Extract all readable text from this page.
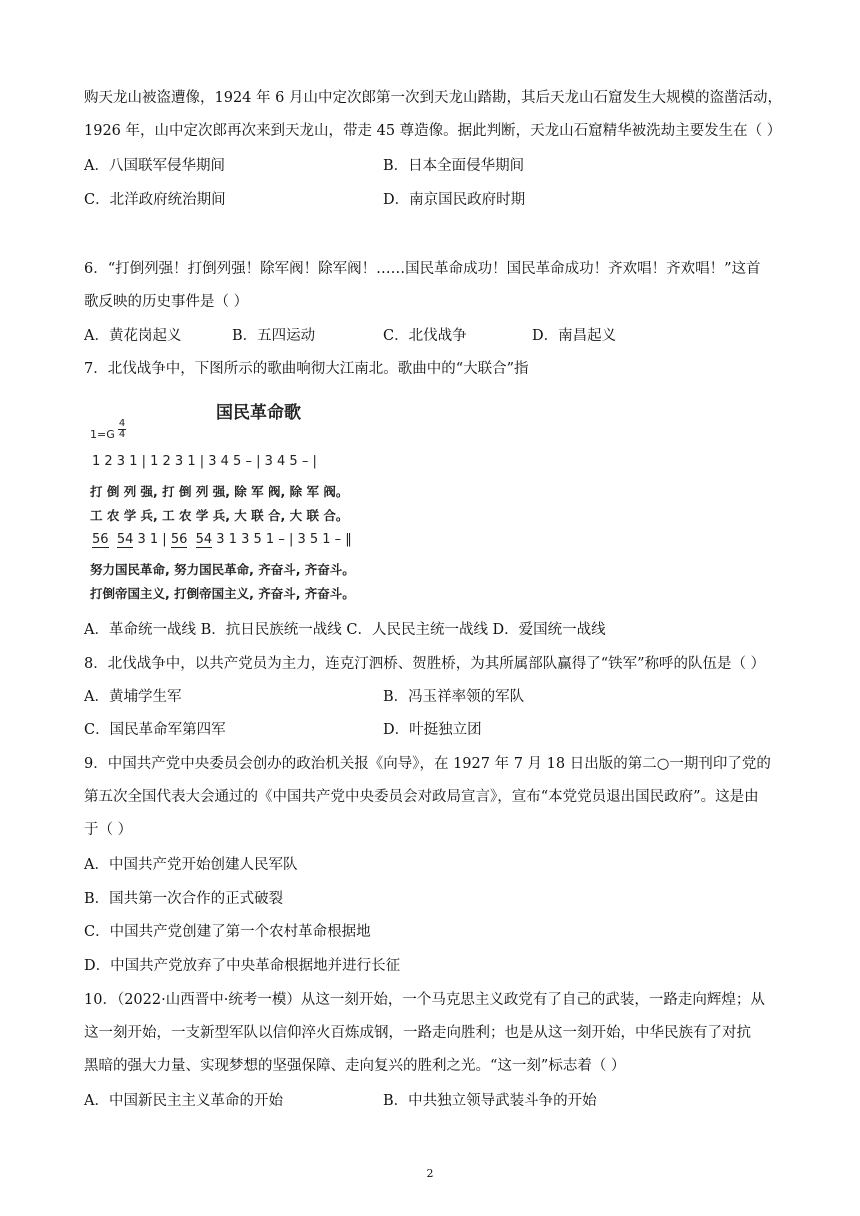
购天龙山被盗遭像，1924 年 6 月山中定次郎第一次到天龙山踏勘，其后天龙山石窟发生大规模的盗凿活动，
1926 年，山中定次郎再次来到天龙山，带走 45 尊造像。据此判断，天龙山石窟精华被洗劫主要发生在（ ）
A．八国联军侵华期间	B．日本全面侵华期间
C．北洋政府统治期间	D．南京国民政府时期
6．“打倒列强！打倒列强！除军阀！除军阀！……国民革命成功！国民革命成功！齐欢唱！齐欢唱！”这首
歌反映的历史事件是（ ）
A．黄花岗起义	B．五四运动	C．北伐战争	D．南昌起义
7．北伐战争中，下图所示的歌曲响彻大江南北。歌曲中的“大联合”指
国民革命歌
$1=G \frac{4}{4}$
1 2 3 1 | 1 2 3 1 | 3 4 5 – | 3 4 5 – |
打 倒 列 强, 打 倒 列 强, 除 军 阀, 除 军 阀。
工 农 学 兵, 工 农 学 兵, 大 联 合, 大 联 合。
56 54 3 1 | 56 54 3 1 3 5 1 – | 3 5 1 – ‖
努力国民革命, 努力国民革命, 齐奋斗, 齐奋斗。
打倒帝国主义, 打倒帝国主义, 齐奋斗, 齐奋斗。
A．革命统一战线 B．抗日民族统一战线 C．人民民主统一战线 D．爱国统一战线
8．北伐战争中，以共产党员为主力，连克汀泗桥、贺胜桥，为其所属部队赢得了“铁军”称呼的队伍是（ ）
A．黄埔学生军	B．冯玉祥率领的军队
C．国民革命军第四军	D．叶挺独立团
9．中国共产党中央委员会创办的政治机关报《向导》，在 1927 年 7 月 18 日出版的第二○一期刊印了党的
第五次全国代表大会通过的《中国共产党中央委员会对政局宣言》，宣布“本党党员退出国民政府”。这是由
于（ ）
A．中国共产党开始创建人民军队
B．国共第一次合作的正式破裂
C．中国共产党创建了第一个农村革命根据地
D．中国共产党放弃了中央革命根据地并进行长征
10．（2022·山西晋中·统考一模）从这一刻开始，一个马克思主义政党有了自己的武装，一路走向辉煌；从
这一刻开始，一支新型军队以信仰淬火百炼成钢，一路走向胜利；也是从这一刻开始，中华民族有了对抗
黑暗的强大力量、实现梦想的坚强保障、走向复兴的胜利之光。“这一刻”标志着（ ）
A．中国新民主主义革命的开始	B．中共独立领导武装斗争的开始
2
